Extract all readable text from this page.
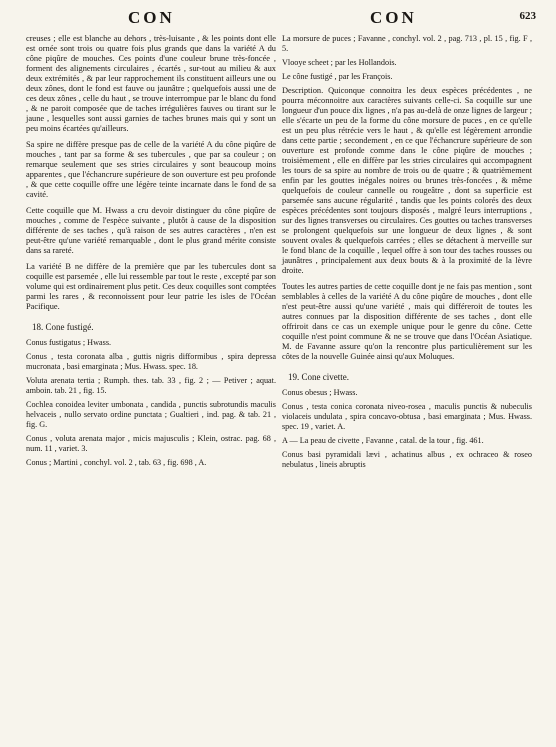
CON	CON	623

creuses ; elle est blanche au dehors , très-luisante , & les points dont elle est ornée sont trois ou quatre fois plus grands que dans la variété A du cône piqûre de mouches. Ces points d'une couleur brune très-foncée , forment des alignements circulaires , écartés , sur-tout au milieu & aux deux extrémités , & par leur rapprochement ils constituent ailleurs une ou deux zônes, dont le fond est fauve ou jaunâtre ; quelquefois aussi une de ces deux zônes , celle du haut , se trouve interrompue par le blanc du fond , & ne paroit composée que de taches irrégulières fauves ou tirant sur le jaune , lesquelles sont aussi garnies de taches brunes mais qui y sont un peu moins écartées qu'ailleurs.

Sa spire ne diffère presque pas de celle de la variété A du cône piqûre de mouches , tant par sa forme & ses tubercules , que par sa couleur ; on remarque seulement que ses stries circulaires y sont beaucoup moins apparentes , que l'échancrure supérieure de son ouverture est peu profonde , & que cette coquille offre une légère teinte incarnate dans le fond de sa cavité.

Cette coquille que M. Hwass a cru devoir distinguer du cône piqûre de mouches , comme de l'espèce suivante , plutôt à cause de la disposition différente de ses taches , qu'à raison de ses autres caractères , n'en est peut-être qu'une variété remarquable , dont le plus grand mérite consiste dans sa rareté.

La variété B ne diffère de la première que par les tubercules dont sa coquille est parsemée , elle lui ressemble par tout le reste , excepté par son volume qui est ordinairement plus petit. Ces deux coquilles sont comptées parmi les rares , & reconnoissent pour leur patrie les isles de l'Océan Pacifique.

18. Cone fustigé.

Conus fustigatus ; Hwass.

Conus , testa coronata alba , guttis nigris difformibus , spira depressa mucronata , basi emarginata ; Mus. Hwass. spec. 18.

Voluta arenata tertia ; Rumph. thes. tab. 33 , fig. 2 ; — Petiver ; aquat. amboin. tab. 21 , fig. 15.

Cochlea conoidea leviter umbonata , candida , punctis subrotundis maculis helvaceis , nullo servato ordine punctata ; Gualtieri , ind. pag. & tab. 21 , fig. G.

Conus , voluta arenata major , micis majusculis ; Klein, ostrac. pag. 68 , num. 11 , variet. 3.

Conus ; Martini , conchyl. vol. 2 , tab. 63 , fig. 698 , A.

La morsure de puces ; Favanne , conchyl. vol. 2 , pag. 713 , pl. 15 , fig. F , 5.

Vlooye scheet ; par les Hollandois.

Le cône fustigé , par les François.

Description. Quiconque connoitra les deux espèces précédentes , ne pourra méconnoitre aux caractères suivants celle-ci. Sa coquille sur une longueur d'un pouce dix lignes , n'a pas au-delà de onze lignes de largeur ; elle s'écarte un peu de la forme du cône morsure de puces , en ce qu'elle est un peu plus rétrécie vers le haut , & qu'elle est légèrement arrondie dans cette partie ; secondement , en ce que l'échancrure supérieure de son ouverture est profonde comme dans le cône piqûre de mouches ; troisièmement , elle en diffère par les stries circulaires qui accompagnent les tours de sa spire au nombre de trois ou de quatre ; & quatrièmement enfin par les gouttes inégales noires ou brunes très-foncées , & même quelquefois de couleur cannelle ou rougeâtre , dont sa superficie est parsemée sans aucune régularité , tandis que les points colorés des deux espèces précédentes sont toujours disposés , malgré leurs interruptions , sur des lignes transverses ou circulaires. Ces gouttes ou taches transverses se prolongent quelquefois sur une longueur de deux lignes , & sont souvent ovales & quelquefois carrées ; elles se détachent à merveille sur le fond blanc de la coquille , lequel offre à son tour des taches rousses ou jaunâtres , principalement aux deux bouts & à la proximité de la lèvre droite.

Toutes les autres parties de cette coquille dont je ne fais pas mention , sont semblables à celles de la variété A du cône piqûre de mouches , dont elle n'est peut-être aussi qu'une variété , mais qui différeroit de toutes les autres connues par la disposition différente de ses taches , dont elle offriroit dans ce cas un exemple unique pour le genre du cône. Cette coquille n'est point commune & ne se trouve que dans l'Océan Asiatique. M. de Favanne assure qu'on la rencontre plus particulièrement sur les côtes de la nouvelle Guinée ainsi qu'aux Moluques.

19. Cone civette.

Conus obesus ; Hwass.

Conus , testa conica coronata niveo-rosea , maculis punctis & nubeculis violaceis undulata , spira concavo-obtusa , basi emarginata ; Mus. Hwass. spec. 19 , variet. A.

A — La peau de civette , Favanne , catal. de la tour , fig. 461.

Conus basi pyramidali lævi , achatinus albus , ex ochraceo & roseo nebulatus , lineis abruptis
